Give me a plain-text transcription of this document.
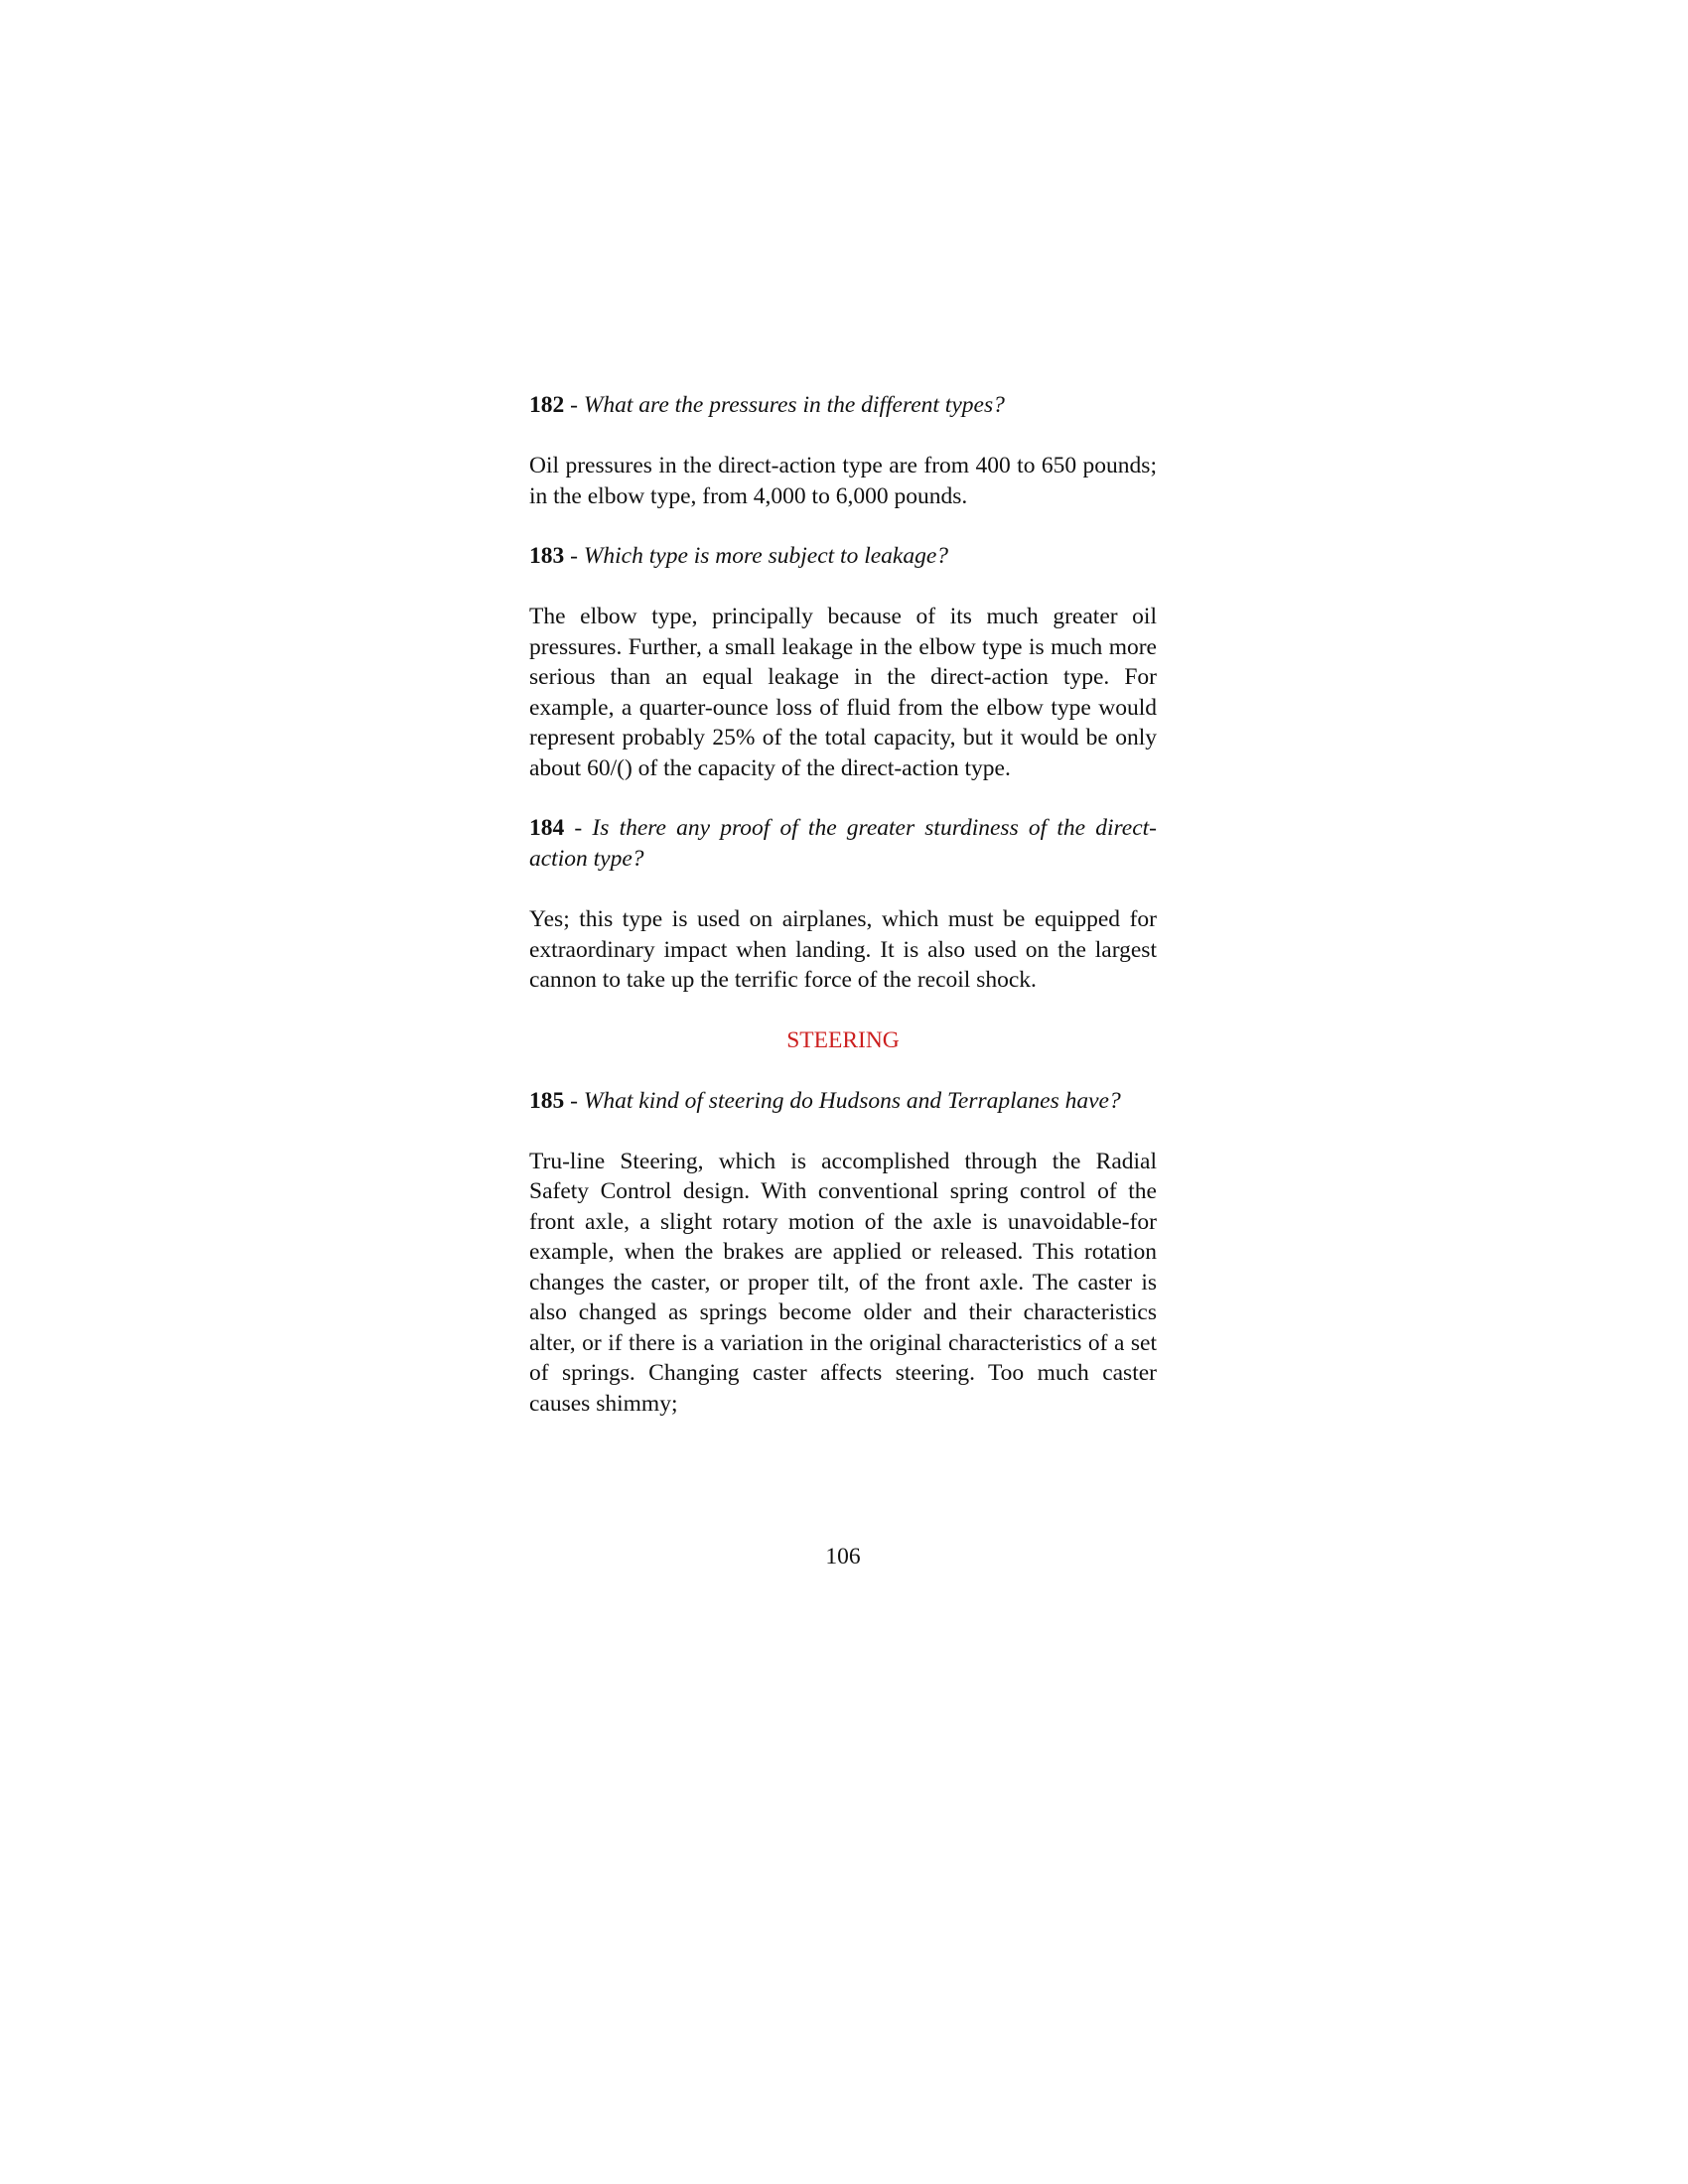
182 - What are the pressures in the different types?

Oil pressures in the direct-action type are from 400 to 650 pounds; in the elbow type, from 4,000 to 6,000 pounds.

183 - Which type is more subject to leakage?

The elbow type, principally because of its much greater oil pressures. Further, a small leakage in the elbow type is much more serious than an equal leakage in the direct-action type. For example, a quarter-ounce loss of fluid from the elbow type would represent probably 25% of the total capacity, but it would be only about 60/() of the capacity of the direct-action type.

184 - Is there any proof of the greater sturdiness of the direct-action type?

Yes; this type is used on airplanes, which must be equipped for extraordinary impact when landing. It is also used on the largest cannon to take up the terrific force of the recoil shock.

STEERING

185 - What kind of steering do Hudsons and Terraplanes have?

Tru-line Steering, which is accomplished through the Radial Safety Control design. With conventional spring control of the front axle, a slight rotary motion of the axle is unavoidable-for example, when the brakes are applied or released. This rotation changes the caster, or proper tilt, of the front axle. The caster is also changed as springs become older and their characteristics alter, or if there is a variation in the original characteristics of a set of springs. Changing caster affects steering. Too much caster causes shimmy;

106
